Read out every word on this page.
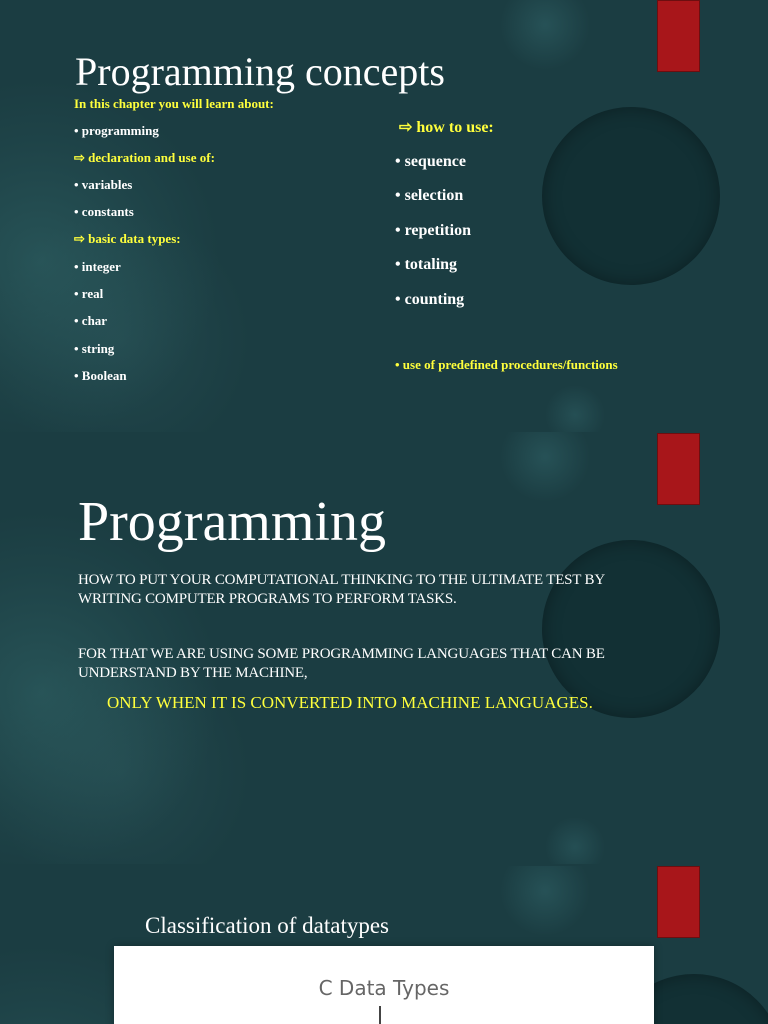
Programming concepts
In this chapter you will learn about:
• programming
⇨ declaration and use of:
• variables
• constants
⇨ basic data types:
• integer
• real
• char
• string
• Boolean
⇨ how to use:
• sequence
• selection
• repetition
• totaling
• counting
• use of predefined procedures/functions
Programming
HOW TO PUT YOUR COMPUTATIONAL THINKING TO THE ULTIMATE TEST BY WRITING COMPUTER PROGRAMS TO PERFORM TASKS.
FOR THAT WE ARE USING SOME PROGRAMMING LANGUAGES THAT CAN BE UNDERSTAND BY THE MACHINE,
ONLY WHEN IT IS CONVERTED INTO MACHINE LANGUAGES.
Classification of datatypes
C Data Types
